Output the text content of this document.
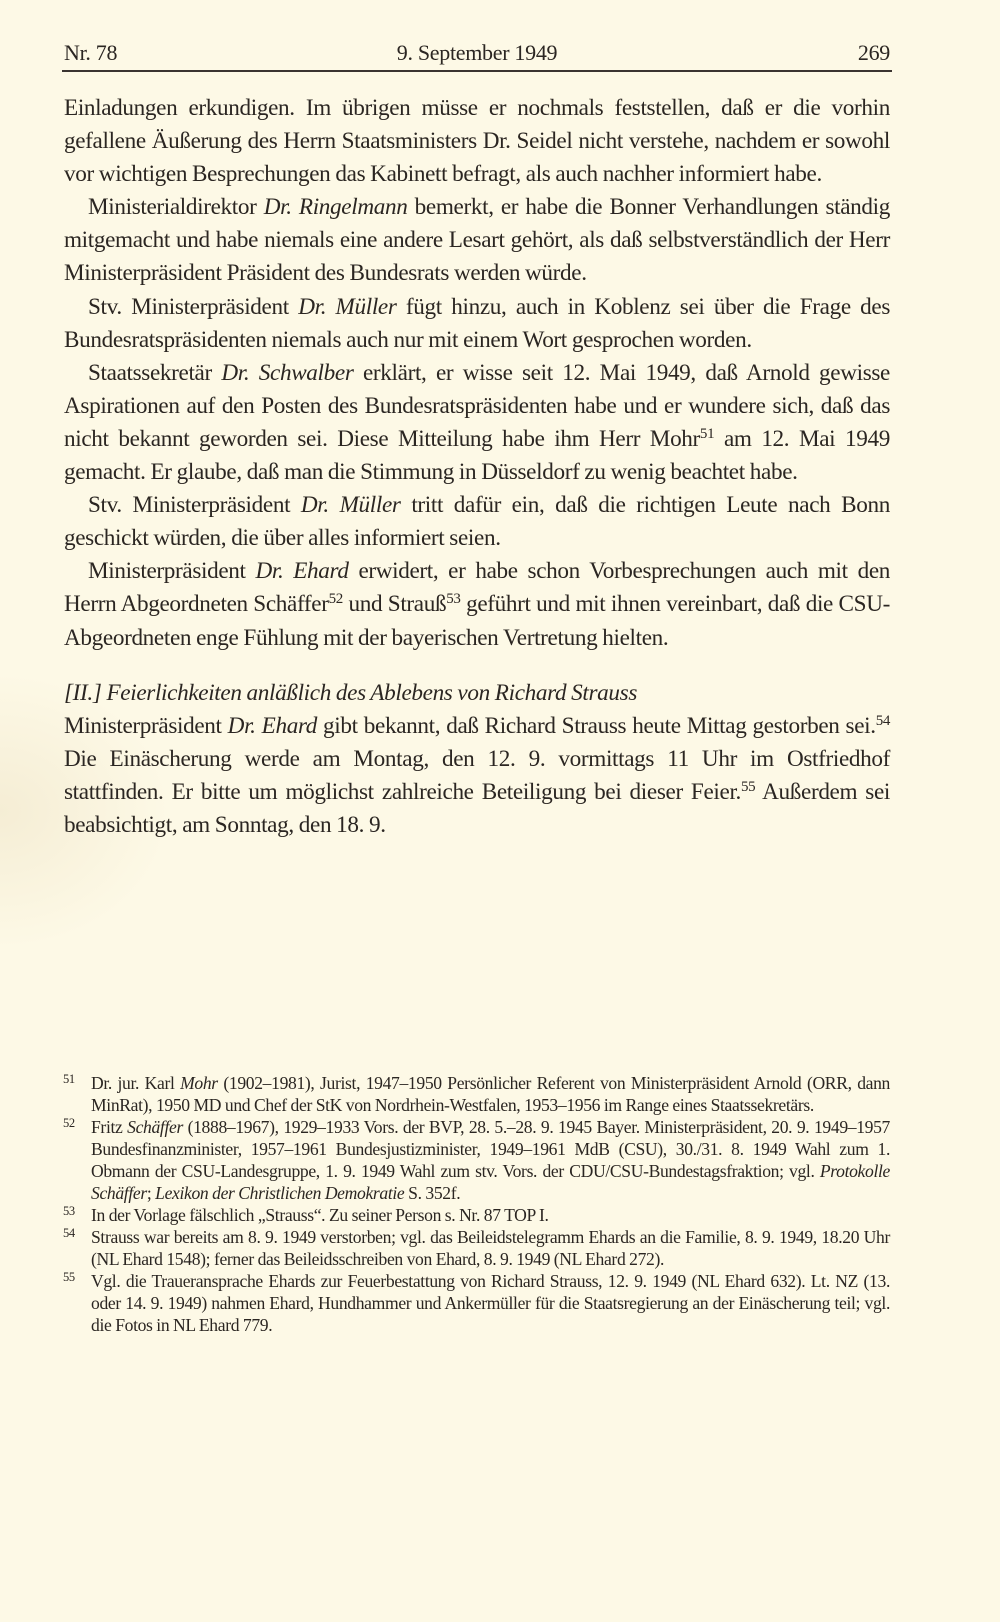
Nr. 78	9. September 1949	269

Einladungen erkundigen. Im übrigen müsse er nochmals feststellen, daß er die vorhin gefallene Äußerung des Herrn Staatsministers Dr. Seidel nicht verstehe, nachdem er sowohl vor wichtigen Besprechungen das Kabinett befragt, als auch nachher informiert habe.

Ministerialdirektor Dr. Ringelmann bemerkt, er habe die Bonner Verhandlungen ständig mitgemacht und habe niemals eine andere Lesart gehört, als daß selbstverständlich der Herr Ministerpräsident Präsident des Bundesrats werden würde.

Stv. Ministerpräsident Dr. Müller fügt hinzu, auch in Koblenz sei über die Frage des Bundesratspräsidenten niemals auch nur mit einem Wort gesprochen worden.

Staatssekretär Dr. Schwalber erklärt, er wisse seit 12. Mai 1949, daß Arnold gewisse Aspirationen auf den Posten des Bundesratspräsidenten habe und er wundere sich, daß das nicht bekannt geworden sei. Diese Mitteilung habe ihm Herr Mohr$^{51}$ am 12. Mai 1949 gemacht. Er glaube, daß man die Stimmung in Düsseldorf zu wenig beachtet habe.

Stv. Ministerpräsident Dr. Müller tritt dafür ein, daß die richtigen Leute nach Bonn geschickt würden, die über alles informiert seien.

Ministerpräsident Dr. Ehard erwidert, er habe schon Vorbesprechungen auch mit den Herrn Abgeordneten Schäffer$^{52}$ und Strauß$^{53}$ geführt und mit ihnen vereinbart, daß die CSU-Abgeordneten enge Fühlung mit der bayerischen Vertretung hielten.

[II.] Feierlichkeiten anläßlich des Ablebens von Richard Strauss

Ministerpräsident Dr. Ehard gibt bekannt, daß Richard Strauss heute Mittag gestorben sei.$^{54}$ Die Einäscherung werde am Montag, den 12. 9. vormittags 11 Uhr im Ostfriedhof stattfinden. Er bitte um möglichst zahlreiche Beteiligung bei dieser Feier.$^{55}$ Außerdem sei beabsichtigt, am Sonntag, den 18. 9.

51 Dr. jur. Karl Mohr (1902–1981), Jurist, 1947–1950 Persönlicher Referent von Ministerpräsident Arnold (ORR, dann MinRat), 1950 MD und Chef der StK von Nordrhein-Westfalen, 1953–1956 im Range eines Staatssekretärs.
52 Fritz Schäffer (1888–1967), 1929–1933 Vors. der BVP, 28. 5.–28. 9. 1945 Bayer. Ministerpräsident, 20. 9. 1949–1957 Bundesfinanzminister, 1957–1961 Bundesjustizminister, 1949–1961 MdB (CSU), 30./31. 8. 1949 Wahl zum 1. Obmann der CSU-Landesgruppe, 1. 9. 1949 Wahl zum stv. Vors. der CDU/CSU-Bundestagsfraktion; vgl. Protokolle Schäffer; Lexikon der Christlichen Demokratie S. 352f.
53 In der Vorlage fälschlich „Strauss“. Zu seiner Person s. Nr. 87 TOP I.
54 Strauss war bereits am 8. 9. 1949 verstorben; vgl. das Beileidstelegramm Ehards an die Familie, 8. 9. 1949, 18.20 Uhr (NL Ehard 1548); ferner das Beileidsschreiben von Ehard, 8. 9. 1949 (NL Ehard 272).
55 Vgl. die Traueransprache Ehards zur Feuerbestattung von Richard Strauss, 12. 9. 1949 (NL Ehard 632). Lt. NZ (13. oder 14. 9. 1949) nahmen Ehard, Hundhammer und Ankermüller für die Staatsregierung an der Einäscherung teil; vgl. die Fotos in NL Ehard 779.
